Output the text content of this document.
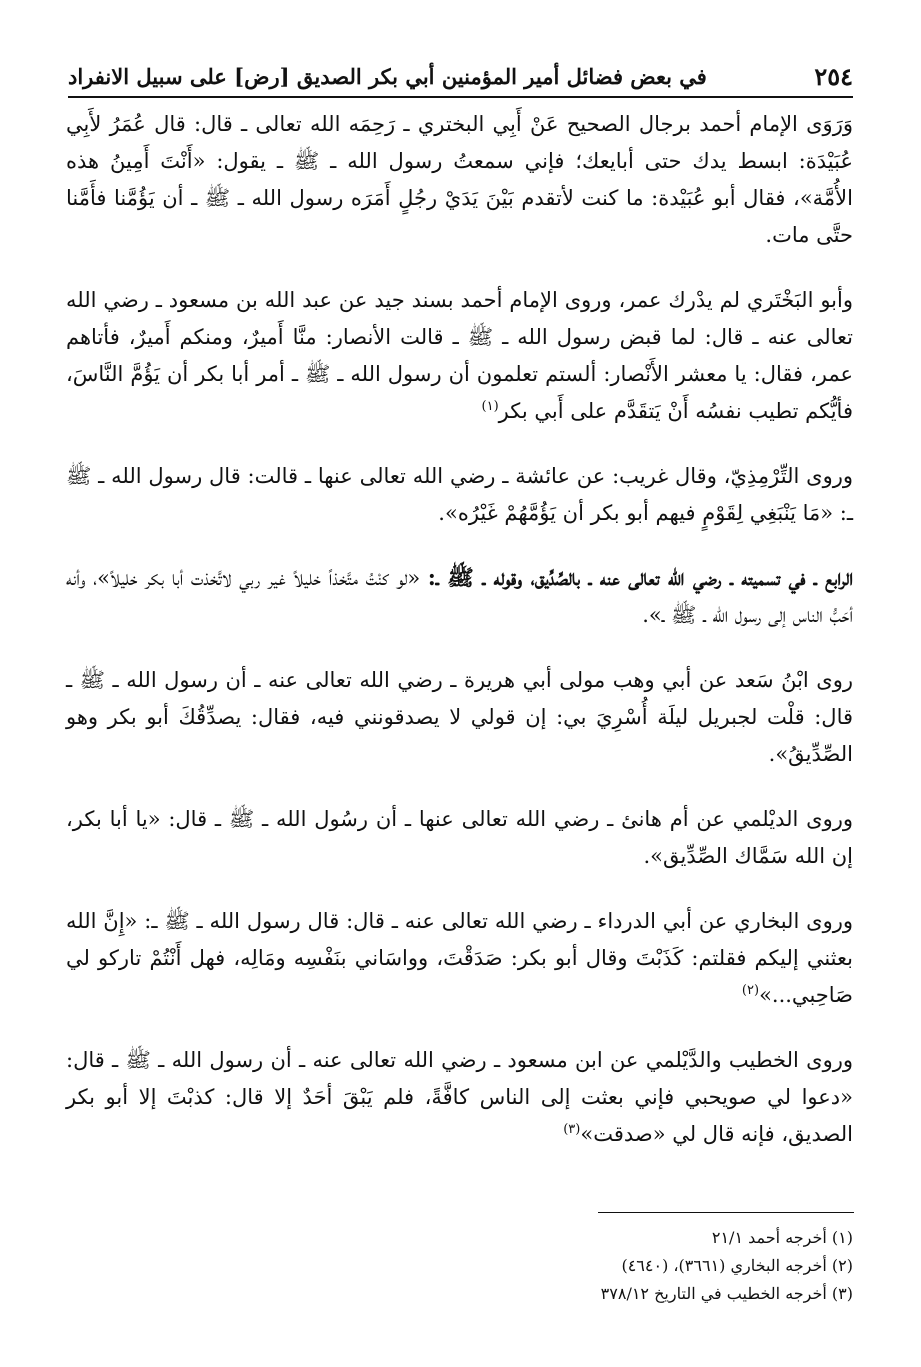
في بعض فضائل أمير المؤمنين أبي بكر الصديق [رض] على سبيل الانفراد	٢٥٤

وَرَوَى الإمام أحمد برجال الصحيح عَنْ أَبِي البختري ـ رَحِمَه الله تعالى ـ قال: قال عُمَرُ لأَبِي عُبَيْدَة: ابسط يدك حتى أبايعك؛ فإني سمعتُ رسول الله ـ ﷺ ـ يقول: «أَنْتَ أَمِينُ هذه الأُمَّة»، فقال أبو عُبَيْدة: ما كنت لأتقدم بَيْنَ يَدَيْ رجُلٍ أَمَرَه رسول الله ـ ﷺ ـ أن يَؤُمَّنا فأَمَّنا حتَّى مات.

وأبو البَخْتَري لم يدْرك عمر، وروى الإمام أحمد بسند جيد عن عبد الله بن مسعود ـ رضي الله تعالى عنه ـ قال: لما قبض رسول الله ـ ﷺ ـ قالت الأنصار: منَّا أَميرٌ، ومنكم أَميرٌ، فأتاهم عمر، فقال: يا معشر الأَنْصار: ألستم تعلمون أن رسول الله ـ ﷺ ـ أمر أبا بكر أن يَؤُمَّ النَّاسَ، فأيُّكم تطيب نفسُه أَنْ يَتقَدَّم على أَبي بكر$^{(١)}$

وروى التِّرْمِذِيّ، وقال غريب: عن عائشة ـ رضي الله تعالى عنها ـ قالت: قال رسول الله ـ ﷺ ـ: «مَا يَنْبَغِي لِقَوْمٍ فيهم أبو بكر أن يَؤُمَّهُمْ غَيْرُه».

الرابع ـ في تسميته ـ رضي الله تعالى عنه ـ بالصِّدِّيق، وقوله ـ ﷺ ـ: «لو كنْتُ متَّخذاً خليلاً غير ربي لاتَّخذت أبا بكر خليلاً»، وأنه أحَبُّ الناس إلى رسول الله ـ ﷺ ـ».

روى ابْنُ سَعد عن أبي وهب مولى أبي هريرة ـ رضي الله تعالى عنه ـ أن رسول الله ـ ﷺ ـ قال: قلْت لجبريل ليلَة أُسْرِيَ بي: إن قولي لا يصدقونني فيه، فقال: يصدِّقُكَ أبو بكر وهو الصِّدِّيقُ».

وروى الديْلمي عن أم هانئ ـ رضي الله تعالى عنها ـ أن رسُول الله ـ ﷺ ـ قال: «يا أبا بكر، إن الله سَمَّاك الصِّدِّيق».

وروى البخاري عن أبي الدرداء ـ رضي الله تعالى عنه ـ قال: قال رسول الله ـ ﷺ ـ: «إِنَّ الله بعثني إليكم فقلتم: كَذَبْتَ وقال أبو بكر: صَدَقْتَ، وواسَاني بنَفْسِه ومَالِه، فهل أَنْتُمْ تاركو لي صَاحِبي...»$^{(٢)}$

وروى الخطيب والدَّيْلمي عن ابن مسعود ـ رضي الله تعالى عنه ـ أن رسول الله ـ ﷺ ـ قال: «دعوا لي صويحبي فإني بعثت إلى الناس كافَّةً، فلم يَبْقَ أحَدٌ إلا قال: كذبْتَ إلا أبو بكر الصديق، فإنه قال لي «صدقت»$^{(٣)}$

(١) أخرجه أحمد ٢١/١
(٢) أخرجه البخاري (٣٦٦١)، (٤٦٤٠)
(٣) أخرجه الخطيب في التاريخ ٣٧٨/١٢
